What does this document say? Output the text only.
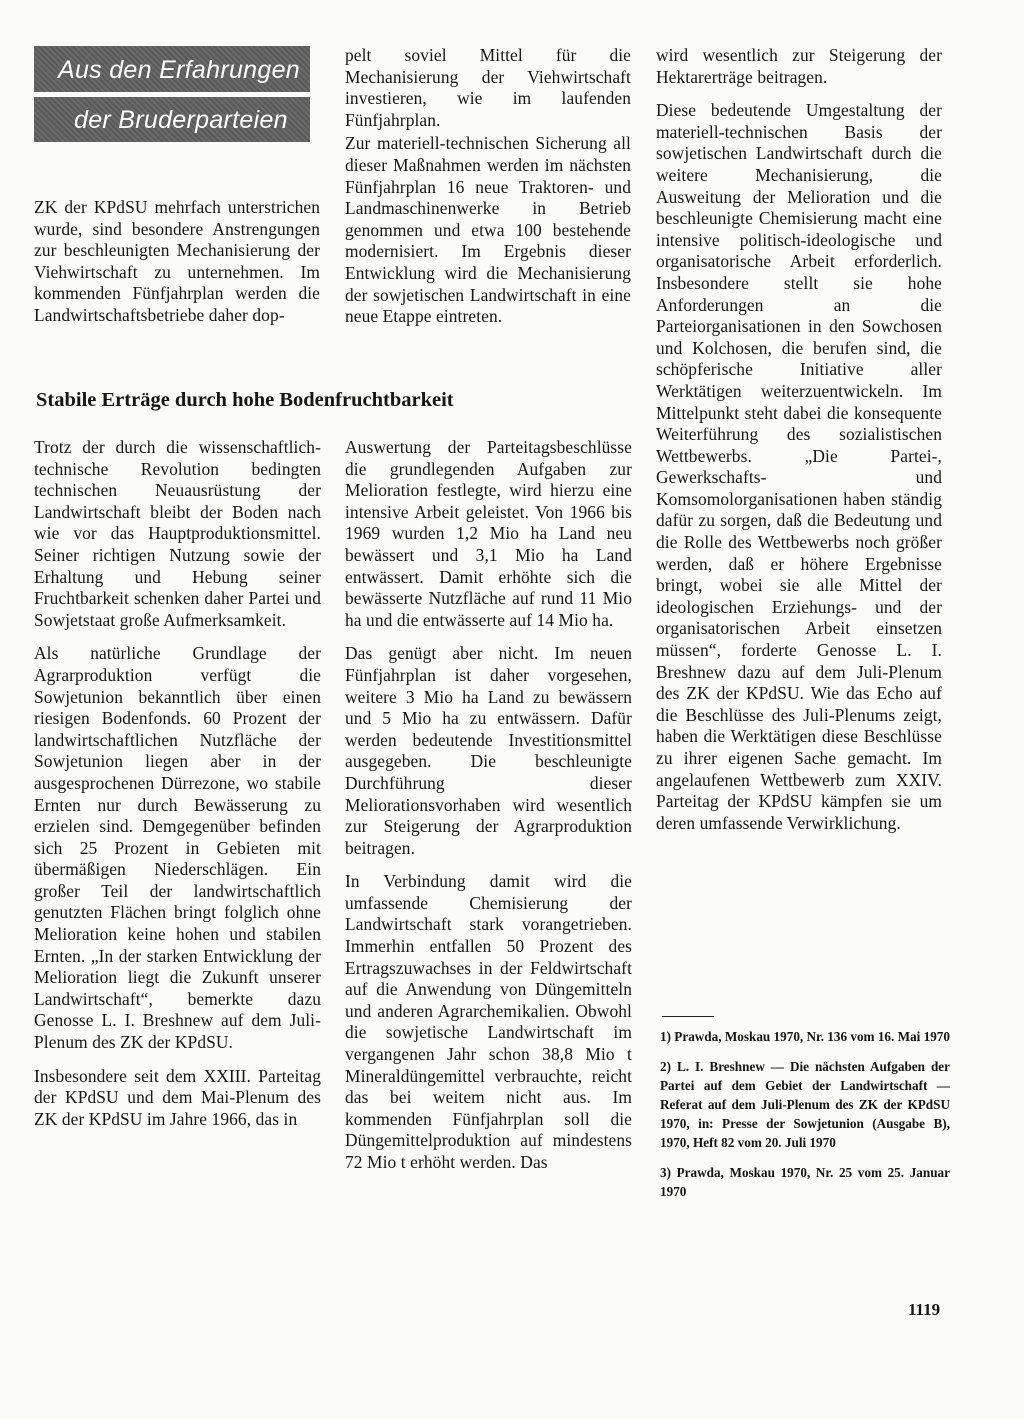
Aus den Erfahrungen
der Bruderparteien

ZK der KPdSU mehrfach unterstrichen wurde, sind besondere Anstrengungen zur beschleunigten Mechanisierung der Viehwirtschaft zu unternehmen. Im kommenden Fünfjahrplan werden die Landwirtschaftsbetriebe daher dop-

pelt soviel Mittel für die Mechanisierung der Viehwirtschaft investieren, wie im laufenden Fünfjahrplan.

Zur materiell-technischen Sicherung all dieser Maßnahmen werden im nächsten Fünfjahrplan 16 neue Traktoren- und Landmaschinenwerke in Betrieb genommen und etwa 100 bestehende modernisiert. Im Ergebnis dieser Entwicklung wird die Mechanisierung der sowjetischen Landwirtschaft in eine neue Etappe eintreten.

Stabile Erträge durch hohe Bodenfruchtbarkeit

Trotz der durch die wissenschaftlich-technische Revolution bedingten technischen Neuausrüstung der Landwirtschaft bleibt der Boden nach wie vor das Hauptproduktionsmittel. Seiner richtigen Nutzung sowie der Erhaltung und Hebung seiner Fruchtbarkeit schenken daher Partei und Sowjetstaat große Aufmerksamkeit.

Als natürliche Grundlage der Agrarproduktion verfügt die Sowjetunion bekanntlich über einen riesigen Bodenfonds. 60 Prozent der landwirtschaftlichen Nutzfläche der Sowjetunion liegen aber in der ausgesprochenen Dürrezone, wo stabile Ernten nur durch Bewässerung zu erzielen sind. Demgegenüber befinden sich 25 Prozent in Gebieten mit übermäßigen Niederschlägen. Ein großer Teil der landwirtschaftlich genutzten Flächen bringt folglich ohne Melioration keine hohen und stabilen Ernten. „In der starken Entwicklung der Melioration liegt die Zukunft unserer Landwirtschaft“, bemerkte dazu Genosse L. I. Breshnew auf dem Juli-Plenum des ZK der KPdSU.

Insbesondere seit dem XXIII. Parteitag der KPdSU und dem Mai-Plenum des ZK der KPdSU im Jahre 1966, das in

Auswertung der Parteitagsbeschlüsse die grundlegenden Aufgaben zur Melioration festlegte, wird hierzu eine intensive Arbeit geleistet. Von 1966 bis 1969 wurden 1,2 Mio ha Land neu bewässert und 3,1 Mio ha Land entwässert. Damit erhöhte sich die bewässerte Nutzfläche auf rund 11 Mio ha und die entwässerte auf 14 Mio ha.

Das genügt aber nicht. Im neuen Fünfjahrplan ist daher vorgesehen, weitere 3 Mio ha Land zu bewässern und 5 Mio ha zu entwässern. Dafür werden bedeutende Investitionsmittel ausgegeben. Die beschleunigte Durchführung dieser Meliorationsvorhaben wird wesentlich zur Steigerung der Agrarproduktion beitragen.

In Verbindung damit wird die umfassende Chemisierung der Landwirtschaft stark vorangetrieben. Immerhin entfallen 50 Prozent des Ertragszuwachses in der Feldwirtschaft auf die Anwendung von Düngemitteln und anderen Agrarchemikalien. Obwohl die sowjetische Landwirtschaft im vergangenen Jahr schon 38,8 Mio t Mineraldüngemittel verbrauchte, reicht das bei weitem nicht aus. Im kommenden Fünfjahrplan soll die Düngemittelproduktion auf mindestens 72 Mio t erhöht werden. Das

wird wesentlich zur Steigerung der Hektarerträge beitragen.

Diese bedeutende Umgestaltung der materiell-technischen Basis der sowjetischen Landwirtschaft durch die weitere Mechanisierung, die Ausweitung der Melioration und die beschleunigte Chemisierung macht eine intensive politisch-ideologische und organisatorische Arbeit erforderlich. Insbesondere stellt sie hohe Anforderungen an die Parteiorganisationen in den Sowchosen und Kolchosen, die berufen sind, die schöpferische Initiative aller Werktätigen weiterzuentwickeln. Im Mittelpunkt steht dabei die konsequente Weiterführung des sozialistischen Wettbewerbs. „Die Partei-, Gewerkschafts- und Komsomolorganisationen haben ständig dafür zu sorgen, daß die Bedeutung und die Rolle des Wettbewerbs noch größer werden, daß er höhere Ergebnisse bringt, wobei sie alle Mittel der ideologischen Erziehungs- und der organisatorischen Arbeit einsetzen müssen“, forderte Genosse L. I. Breshnew dazu auf dem Juli-Plenum des ZK der KPdSU. Wie das Echo auf die Beschlüsse des Juli-Plenums zeigt, haben die Werktätigen diese Beschlüsse zu ihrer eigenen Sache gemacht. Im angelaufenen Wettbewerb zum XXIV. Parteitag der KPdSU kämpfen sie um deren umfassende Verwirklichung.

1) Prawda, Moskau 1970, Nr. 136 vom 16. Mai 1970

2) L. I. Breshnew — Die nächsten Aufgaben der Partei auf dem Gebiet der Landwirtschaft — Referat auf dem Juli-Plenum des ZK der KPdSU 1970, in: Presse der Sowjetunion (Ausgabe B), 1970, Heft 82 vom 20. Juli 1970

3) Prawda, Moskau 1970, Nr. 25 vom 25. Januar 1970

1119
